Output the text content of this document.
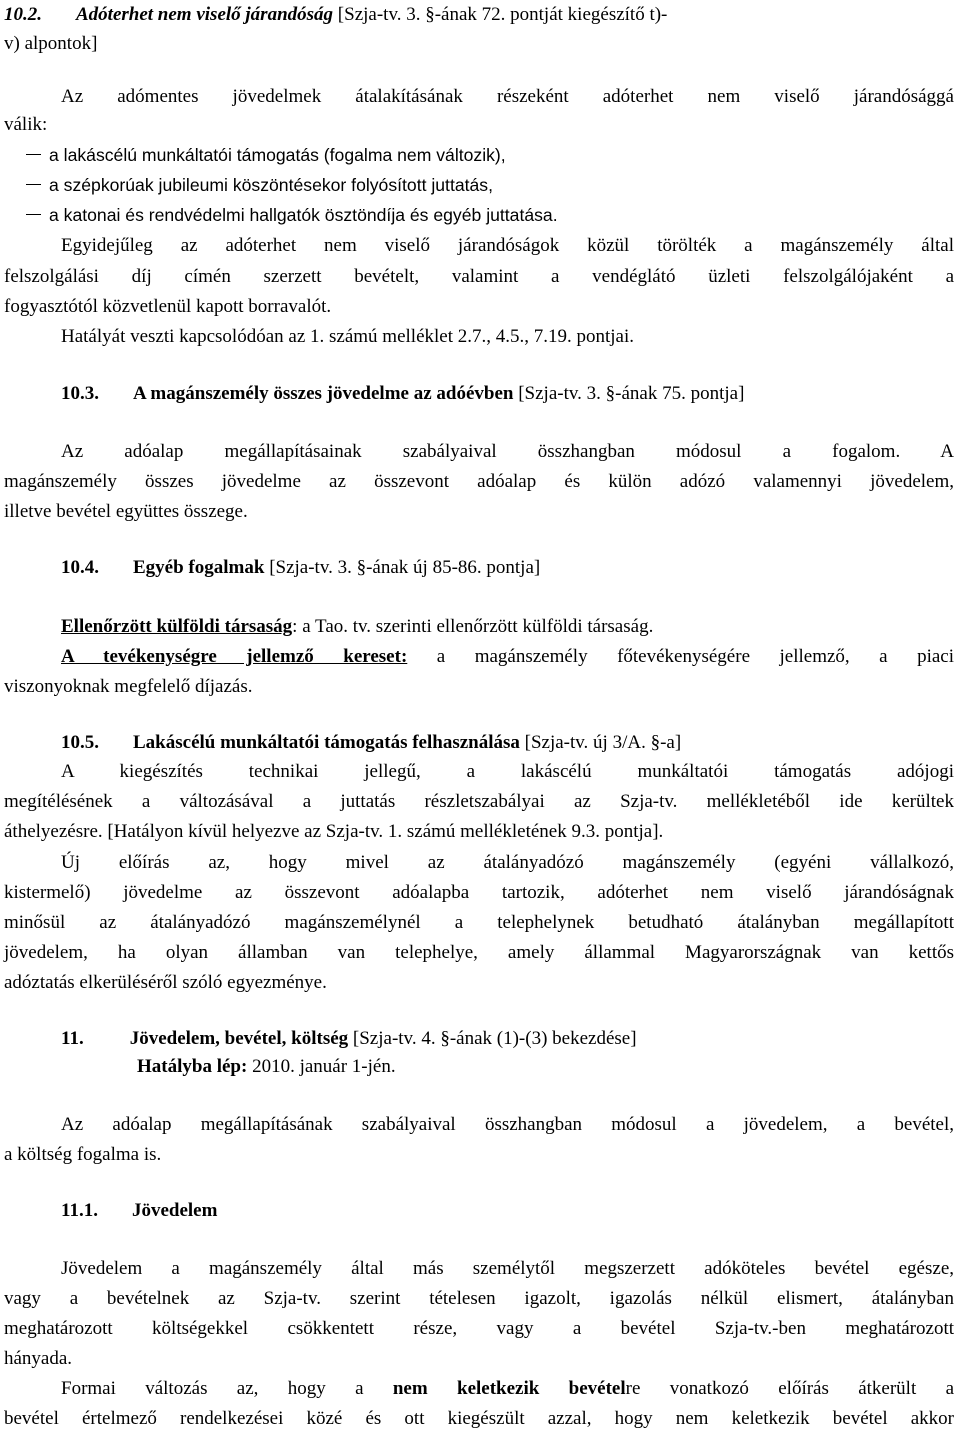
10.2. Adóterhet nem viselő járandóság [Szja-tv. 3. §-ának 72. pontját kiegészítő t)-
v) alpontok]
Az adómentes jövedelmek átalakításának részeként adóterhet nem viselő járandósággá
válik:
a lakáscélú munkáltatói támogatás (fogalma nem változik),
a szépkorúak jubileumi köszöntésekor folyósított juttatás,
a katonai és rendvédelmi hallgatók ösztöndíja és egyéb juttatása.
Egyidejűleg az adóterhet nem viselő járandóságok közül törölték a magánszemély által
felszolgálási díj címén szerzett bevételt, valamint a vendéglátó üzleti felszolgálójaként a
fogyasztótól közvetlenül kapott borravalót.
Hatályát veszti kapcsolódóan az 1. számú melléklet 2.7., 4.5., 7.19. pontjai.
10.3. A magánszemély összes jövedelme az adóévben [Szja-tv. 3. §-ának 75. pontja]
Az adóalap megállapításainak szabályaival összhangban módosul a fogalom. A
magánszemély összes jövedelme az összevont adóalap és külön adózó valamennyi jövedelem,
illetve bevétel együttes összege.
10.4. Egyéb fogalmak [Szja-tv. 3. §-ának új 85-86. pontja]
Ellenőrzött külföldi társaság: a Tao. tv. szerinti ellenőrzött külföldi társaság.
A tevékenységre jellemző kereset: a magánszemély főtevékenységére jellemző, a piaci
viszonyoknak megfelelő díjazás.
10.5. Lakáscélú munkáltatói támogatás felhasználása [Szja-tv. új 3/A. §-a]
A kiegészítés technikai jellegű, a lakáscélú munkáltatói támogatás adójogi
megítélésének a változásával a juttatás részletszabályai az Szja-tv. mellékletéből ide kerültek
áthelyezésre. [Hatályon kívül helyezve az Szja-tv. 1. számú mellékletének 9.3. pontja].
Új előírás az, hogy mivel az átalányadózó magánszemély (egyéni vállalkozó,
kistermelő) jövedelme az összevont adóalapba tartozik, adóterhet nem viselő járandóságnak
minősül az átalányadózó magánszemélynél a telephelynek betudható átalányban megállapított
jövedelem, ha olyan államban van telephelye, amely állammal Magyarországnak van kettős
adóztatás elkerüléséről szóló egyezménye.
11. Jövedelem, bevétel, költség [Szja-tv. 4. §-ának (1)-(3) bekezdése]
Hatályba lép: 2010. január 1-jén.
Az adóalap megállapításának szabályaival összhangban módosul a jövedelem, a bevétel,
a költség fogalma is.
11.1. Jövedelem
Jövedelem a magánszemély által más személytől megszerzett adóköteles bevétel egésze,
vagy a bevételnek az Szja-tv. szerint tételesen igazolt, igazolás nélkül elismert, átalányban
meghatározott költségekkel csökkentett része, vagy a bevétel Szja-tv.-ben meghatározott
hányada.
Formai változás az, hogy a nem keletkezik bevételre vonatkozó előírás átkerült a
bevétel értelmező rendelkezései közé és ott kiegészült azzal, hogy nem keletkezik bevétel akkor
